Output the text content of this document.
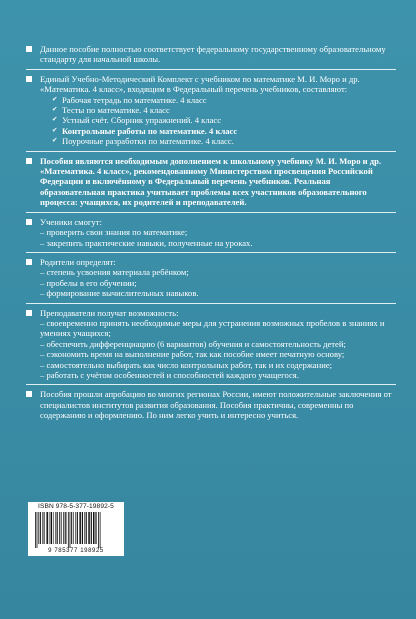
Данное пособие полностью соответствует федеральному государственному образовательному стандарту для начальной школы.
Единый Учебно-Методический Комплект с учебником по математике М. И. Моро и др. «Математика. 4 класс», входящим в Федеральный перечень учебников, составляют:
✔ Рабочая тетрадь по математике. 4 класс
✔ Тесты по математике. 4 класс
✔ Устный счёт. Сборник упражнений. 4 класс
✔ Контрольные работы по математике. 4 класс
✔ Поурочные разработки по математике. 4 класс.
Пособия являются необходимым дополнением к школьному учебнику М. И. Моро и др. «Математика. 4 класс», рекомендованному Министерством просвещения Российской Федерации и включённому в Федеральный перечень учебников. Реальная образовательная практика учитывает проблемы всех участников образовательного процесса: учащихся, их родителей и преподавателей.
Ученики смогут:
– проверить свои знания по математике;
– закрепить практические навыки, полученные на уроках.
Родители определят:
– степень усвоения материала ребёнком;
– пробелы в его обучении;
– формирование вычислительных навыков.
Преподаватели получат возможность:
– своевременно принять необходимые меры для устранения возможных пробелов в знаниях и умениях учащихся;
– обеспечить дифференциацию (6 вариантов) обучения и самостоятельность детей;
– сэкономить время на выполнение работ, так как пособие имеет печатную основу;
– самостоятельно выбирать как число контрольных работ, так и их содержание;
– работать с учётом особенностей и способностей каждого учащегося.
Пособия прошли апробацию во многих регионах России, имеют положительные заключения от специалистов институтов развития образования. Пособия практичны, современны по содержанию и оформлению. По ним легко учить и интересно учиться.
ISBN 978-5-377-19892-5
9 785377 198925
